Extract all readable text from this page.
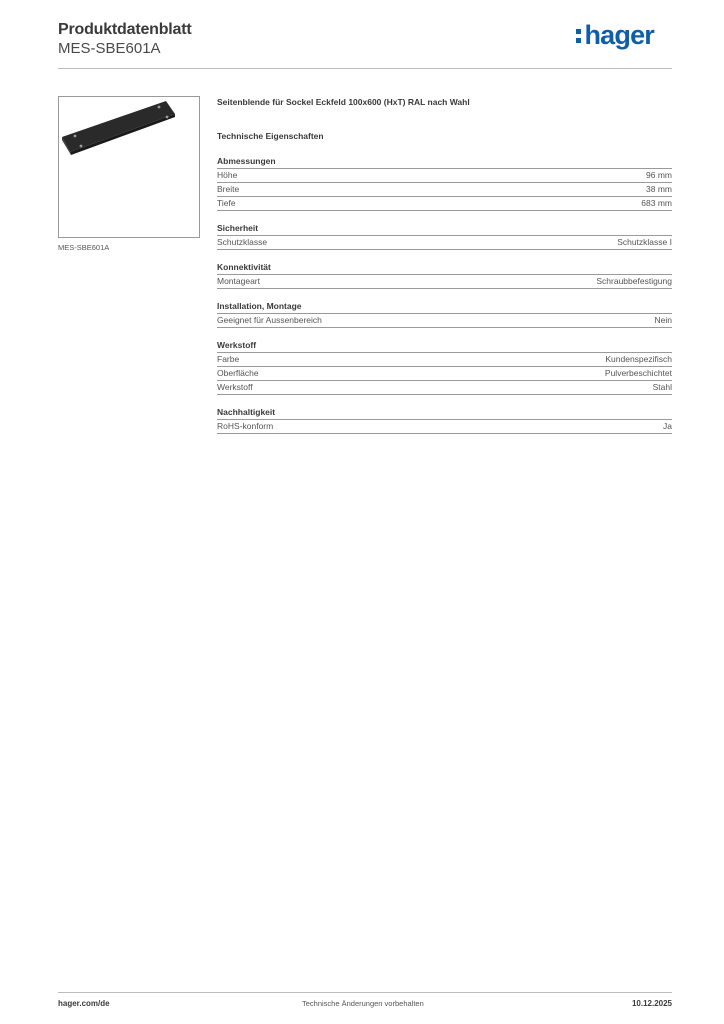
Produktdatenblatt
MES-SBE601A	hager
MES-SBE601A
Seitenblende für Sockel Eckfeld 100x600 (HxT) RAL nach Wahl
Technische Eigenschaften
Abmessungen
Höhe	96 mm
Breite	38 mm
Tiefe	683 mm
Sicherheit
Schutzklasse	Schutzklasse I
Konnektivität
Montageart	Schraubbefestigung
Installation, Montage
Geeignet für Aussenbereich	Nein
Werkstoff
Farbe	Kundenspezifisch
Oberfläche	Pulverbeschichtet
Werkstoff	Stahl
Nachhaltigkeit
RoHS-konform	Ja
hager.com/de	Technische Änderungen vorbehalten	10.12.2025
